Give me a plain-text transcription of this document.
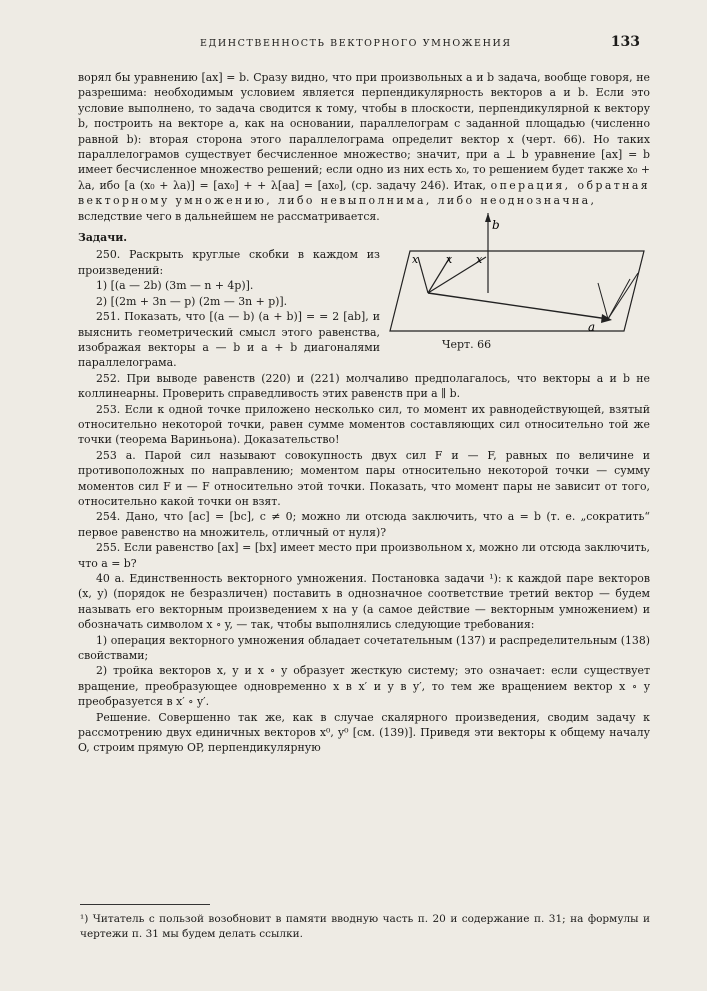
ЕДИНСТВЕННОСТЬ ВЕКТОРНОГО УМНОЖЕНИЯ	133

ворял бы уравнению [ax] = b. Сразу видно, что при произвольных a и b задача, вообще говоря, не разрешима: необходимым условием является перпендикулярность векторов a и b. Если это условие выполнено, то задача сводится к тому, чтобы в плоскости, перпендикулярной к вектору b, построить на векторе a, как на основании, параллелограм с заданной площадью (численно равной b): вторая сторона этого параллелограма определит вектор x (черт. 66). Но таких параллелограмов существует бесчисленное множество; значит, при a ⊥ b уравнение [ax] = b имеет бесчисленное множество решений; если одно из них есть x₀, то решением будет также x₀ + λa, ибо [a (x₀ + λa)] = [ax₀] + + λ[aa] = [ax₀], (ср. задачу 246). Итак, операция, обратная векторному умножению, либо невыполнима, либо неоднозначна,

b
x	x x
a
Черт. 66

вследствие чего в дальнейшем не рассматривается.

Задачи.

250. Раскрыть круглые скобки в каждом из произведений:

1) [(a — 2b) (3m — n + 4p)].

2) [(2m + 3n — p) (2m — 3n + p)].

251. Показать, что [(a — b) (a + b)] = = 2 [ab], и выяснить геометрический смысл этого равенства, изображая векторы a — b и a + b диагоналями параллелограма.

252. При выводе равенств (220) и (221) молчаливо предполагалось, что векторы a и b не коллинеарны. Проверить справедливость этих равенств при a ∥ b.

253. Если к одной точке приложено несколько сил, то момент их равнодействующей, взятый относительно некоторой точки, равен сумме моментов составляющих сил относительно той же точки (теорема Вариньона). Доказательство!

253 a. Парой сил называют совокупность двух сил F и — F, равных по величине и противоположных по направлению; моментом пары относительно некоторой точки — сумму моментов сил F и — F относительно этой точки. Показать, что момент пары не зависит от того, относительно какой точки он взят.

254. Дано, что [ac] = [bc], c ≠ 0; можно ли отсюда заключить, что a = b (т. е. „сократить“ первое равенство на множитель, отличный от нуля)?

255. Если равенство [ax] = [bx] имеет место при произвольном x, можно ли отсюда заключить, что a = b?

40 a. Единственность векторного умножения. Постановка задачи ¹): к каждой паре векторов (x, y) (порядок не безразличен) поставить в однозначное соответствие третий вектор — будем называть его векторным произведением x на y (а самое действие — векторным умножением) и обозначать символом x ∘ y, — так, чтобы выполнялись следующие требования:

1) операция векторного умножения обладает сочетательным (137) и распределительным (138) свойствами;

2) тройка векторов x, y и x ∘ y образует жесткую систему; это означает: если существует вращение, преобразующее одновременно x в x′ и y в y′, то тем же вращением вектор x ∘ y преобразуется в x′ ∘ y′.

Решение. Совершенно так же, как в случае скалярного произведения, сводим задачу к рассмотрению двух единичных векторов x⁰, y⁰ [см. (139)]. Приведя эти векторы к общему началу O, строим прямую OP, перпендикулярную

¹) Читатель с пользой возобновит в памяти вводную часть п. 20 и содержание п. 31; на формулы и чертежи п. 31 мы будем делать ссылки.
